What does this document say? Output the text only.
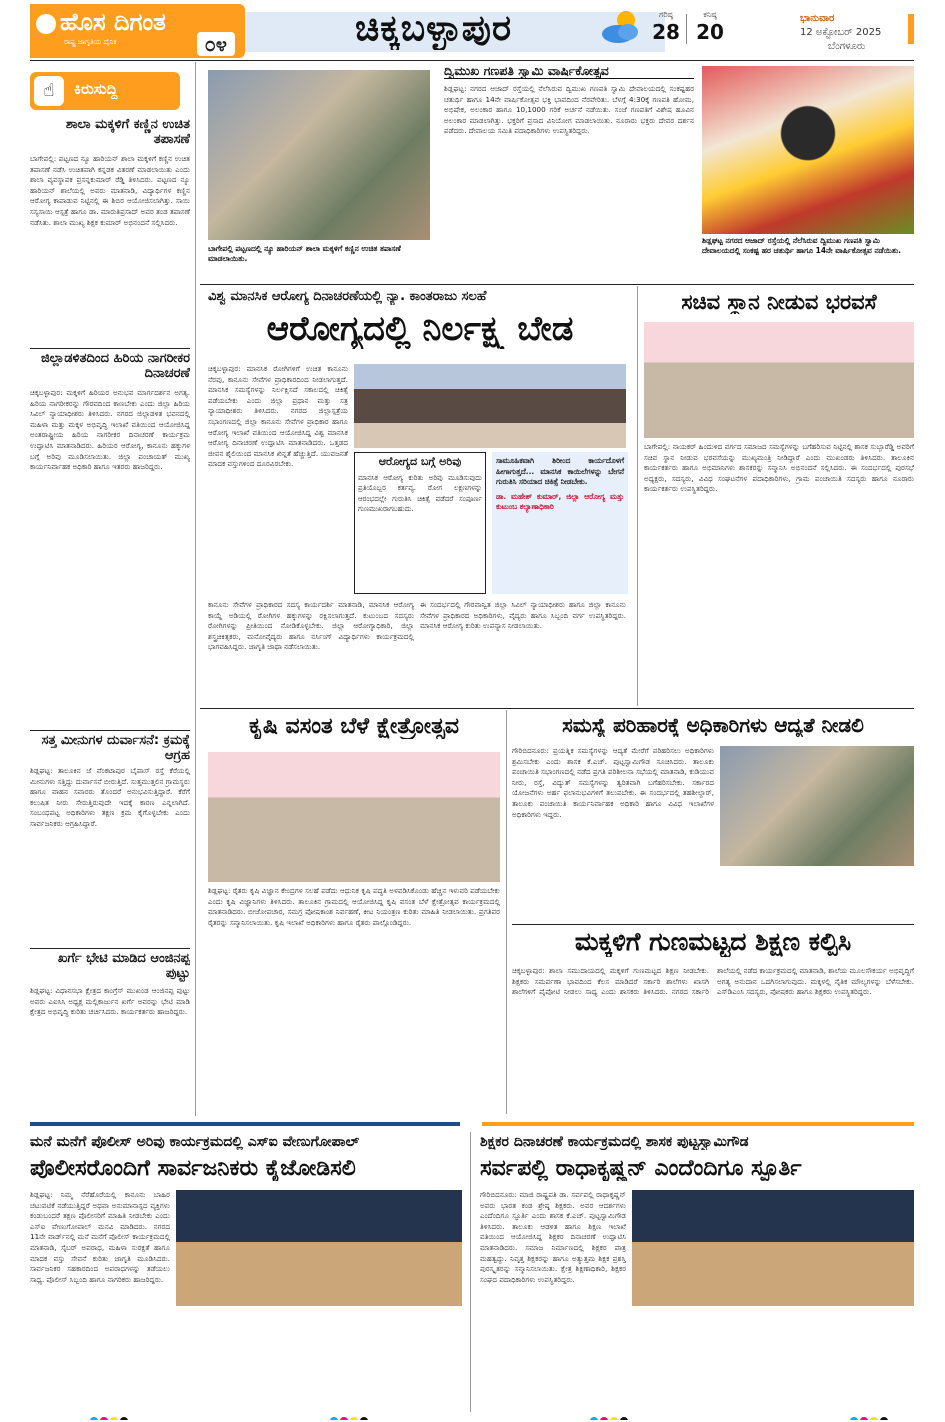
ಹೊಸ ದಿಗಂತ
ರಾಷ್ಟ್ರ ಜಾಗೃತಿಯ ದೈನಿಕ	೦೪	ಚಿಕ್ಕಬಳ್ಳಾಪುರ	ಗರಿಷ್ಠ
28
ಕನಿಷ್ಠ
20
ಭಾನುವಾರ
12 ಅಕ್ಟೋಬರ್ 2025
ಬೆಂಗಳೂರು
☝	ಕಿರುಸುದ್ದಿ
ಶಾಲಾ ಮಕ್ಕಳಿಗೆ ಕಣ್ಣಿನ ಉಚಿತ ತಪಾಸಣೆ
ಬಾಗೇಪಲ್ಲಿ: ಪಟ್ಟಣದ ನ್ಯೂ ಹಾರಿಯನ್ ಶಾಲಾ ಮಕ್ಕಳಿಗೆ ಕಣ್ಣಿನ ಉಚಿತ ತಪಾಸಣೆ ನಡೆಸಿ ಉಚಿತವಾಗಿ ಕನ್ನಡಕ ವಿತರಣೆ ಮಾಡಲಾಯಿತು ಎಂದು ಶಾಲಾ ವ್ಯವಸ್ಥಾಪಕ ಪ್ರಸನ್ನಕುಮಾರ್ ರೆಡ್ಡಿ ತಿಳಿಸಿದರು. ಪಟ್ಟಣದ ನ್ಯೂ ಹಾರಿಯನ್ ಶಾಲೆಯಲ್ಲಿ ಅವರು ಮಾತನಾಡಿ, ವಿದ್ಯಾರ್ಥಿಗಳ ಕಣ್ಣಿನ ಆರೋಗ್ಯ ಕಾಪಾಡುವ ನಿಟ್ಟಿನಲ್ಲಿ ಈ ಶಿಬಿರ ಆಯೋಜಿಸಲಾಗಿತ್ತು. ಸಾಯಿ ಸಸ್ಯಸಾಯಿ ಆಸ್ಪತ್ರೆ ಹಾಗೂ ಡಾ. ಮಾರುತಿಪ್ರಸಾದ್ ಅವರ ತಂಡ ತಪಾಸಣೆ ನಡೆಸಿತು. ಶಾಲಾ ಮುಖ್ಯ ಶಿಕ್ಷಕ ಕುಮಾರ್ ಅಭಿನಂದನೆ ಸಲ್ಲಿಸಿದರು.
ಜಿಲ್ಲಾಡಳಿತದಿಂದ ಹಿರಿಯ ನಾಗರೀಕರ ದಿನಾಚರಣೆ
ಚಿಕ್ಕಬಳ್ಳಾಪುರ: ಮಕ್ಕಳಿಗೆ ಹಿರಿಯರ ಅನುಭವ ಮಾರ್ಗದರ್ಶನ ಅಗತ್ಯ. ಹಿರಿಯ ನಾಗರೀಕರನ್ನು ಗೌರವದಿಂದ ಕಾಣಬೇಕು ಎಂದು ಜಿಲ್ಲಾ ಹಿರಿಯ ಸಿವಿಲ್ ನ್ಯಾಯಾಧೀಶರು ತಿಳಿಸಿದರು. ನಗರದ ಜಿಲ್ಲಾಡಳಿತ ಭವನದಲ್ಲಿ ಮಹಿಳಾ ಮತ್ತು ಮಕ್ಕಳ ಅಭಿವೃದ್ಧಿ ಇಲಾಖೆ ವತಿಯಿಂದ ಆಯೋಜಿಸಿದ್ದ ಅಂತರಾಷ್ಟ್ರೀಯ ಹಿರಿಯ ನಾಗರೀಕರ ದಿನಾಚರಣೆ ಕಾರ್ಯಕ್ರಮ ಉದ್ಘಾಟಿಸಿ ಮಾತನಾಡಿದರು. ಹಿರಿಯರ ಆರೋಗ್ಯ, ಕಾನೂನು ಹಕ್ಕುಗಳ ಬಗ್ಗೆ ಅರಿವು ಮೂಡಿಸಲಾಯಿತು. ಜಿಲ್ಲಾ ಪಂಚಾಯತ್ ಮುಖ್ಯ ಕಾರ್ಯನಿರ್ವಾಹಕ ಅಧಿಕಾರಿ ಹಾಗೂ ಇತರರು ಹಾಜರಿದ್ದರು.
ಸತ್ತ ಮೀನುಗಳ ದುರ್ವಾಸನೆ: ಕ್ರಮಕ್ಕೆ ಆಗ್ರಹ
ಶಿಡ್ಲಘಟ್ಟ: ತಾಲೂಕಿನ ಜೆ ವೆಂಕಟಾಪುರ ಬೈಪಾಸ್ ರಸ್ತೆ ಕೆರೆಯಲ್ಲಿ ಮೀನುಗಳು ಸತ್ತಿದ್ದು ದುರ್ವಾಸನೆ ಬೀರುತ್ತಿದೆ. ಸುತ್ತಮುತ್ತಲಿನ ಗ್ರಾಮಸ್ಥರು ಹಾಗೂ ವಾಹನ ಸವಾರರು ತೊಂದರೆ ಅನುಭವಿಸುತ್ತಿದ್ದಾರೆ. ಕೆರೆಗೆ ಕಲುಷಿತ ನೀರು ಸೇರುತ್ತಿರುವುದೇ ಇದಕ್ಕೆ ಕಾರಣ ಎನ್ನಲಾಗಿದೆ. ಸಂಬಂಧಪಟ್ಟ ಅಧಿಕಾರಿಗಳು ತಕ್ಷಣ ಕ್ರಮ ಕೈಗೊಳ್ಳಬೇಕು ಎಂದು ಸಾರ್ವಜನಿಕರು ಆಗ್ರಹಿಸಿದ್ದಾರೆ.
ಖರ್ಗೆ ಭೇಟಿ ಮಾಡಿದ ಆಂಜಿನಪ್ಪ ಪುಟ್ಟು
ಶಿಡ್ಲಘಟ್ಟ: ವಿಧಾನಸಭಾ ಕ್ಷೇತ್ರದ ಕಾಂಗ್ರೆಸ್ ಮುಖಂಡ ಆಂಜಿನಪ್ಪ ಪುಟ್ಟು ಅವರು ಎಐಸಿಸಿ ಅಧ್ಯಕ್ಷ ಮಲ್ಲಿಕಾರ್ಜುನ ಖರ್ಗೆ ಅವರನ್ನು ಭೇಟಿ ಮಾಡಿ ಕ್ಷೇತ್ರದ ಅಭಿವೃದ್ಧಿ ಕುರಿತು ಚರ್ಚಿಸಿದರು. ಕಾರ್ಯಕರ್ತರು ಹಾಜರಿದ್ದರು.
ಬಾಗೇಪಲ್ಲಿ ಪಟ್ಟಣದಲ್ಲಿ ನ್ಯೂ ಹಾರಿಯನ್ ಶಾಲಾ ಮಕ್ಕಳಿಗೆ ಕಣ್ಣಿನ ಉಚಿತ ತಪಾಸಣೆ ಮಾಡಲಾಯಿತು.
ದ್ವಿಮುಖ ಗಣಪತಿ ಸ್ವಾಮಿ ವಾರ್ಷಿಕೋತ್ಸವ
ಶಿಡ್ಲಘಟ್ಟ: ನಗರದ ಆಜಾದ್ ರಸ್ತೆಯಲ್ಲಿ ನೆಲೆಸಿರುವ ದ್ವಿಮುಖ ಗಣಪತಿ ಸ್ವಾಮಿ ದೇವಾಲಯದಲ್ಲಿ ಸಂಕಷ್ಟಹರ ಚತುರ್ಥಿ ಹಾಗೂ 14ನೇ ವಾರ್ಷಿಕೋತ್ಸವ ಭಕ್ತಿ ಭಾವದಿಂದ ನೆರವೇರಿತು. ಬೆಳಗ್ಗೆ 4:30ಕ್ಕೆ ಗಣಪತಿ ಹೋಮ, ಅಭಿಷೇಕ, ಅಲಂಕಾರ ಹಾಗೂ 10,1000 ಗರಿಕೆ ಅರ್ಚನೆ ನಡೆಯಿತು. ಸಂಜೆ ಗಣಪತಿಗೆ ವಿಶೇಷ ಹೂವಿನ ಅಲಂಕಾರ ಮಾಡಲಾಗಿತ್ತು. ಭಕ್ತರಿಗೆ ಪ್ರಸಾದ ವಿನಿಯೋಗ ಮಾಡಲಾಯಿತು. ನೂರಾರು ಭಕ್ತರು ದೇವರ ದರ್ಶನ ಪಡೆದರು. ದೇವಾಲಯ ಸಮಿತಿ ಪದಾಧಿಕಾರಿಗಳು ಉಪಸ್ಥಿತರಿದ್ದರು.
ಶಿಡ್ಲಘಟ್ಟ ನಗರದ ಆಜಾದ್ ರಸ್ತೆಯಲ್ಲಿ ನೆಲೆಸಿರುವ ದ್ವಿಮುಖ ಗಣಪತಿ ಸ್ವಾಮಿ ದೇವಾಲಯದಲ್ಲಿ ಸಂಕಷ್ಟ ಹರ ಚತುರ್ಥಿ ಹಾಗೂ 14ನೇ ವಾರ್ಷಿಕೋತ್ಸವ ನಡೆಯಿತು.
ವಿಶ್ವ ಮಾನಸಿಕ ಆರೋಗ್ಯ ದಿನಾಚರಣೆಯಲ್ಲಿ ನ್ಯಾ. ಕಾಂತರಾಜು ಸಲಹೆ
ಆರೋಗ್ಯದಲ್ಲಿ ನಿರ್ಲಕ್ಷ್ಯ ಬೇಡ
ಚಿಕ್ಕಬಳ್ಳಾಪುರ: ಮಾನಸಿಕ ರೋಗಿಗಳಿಗೆ ಉಚಿತ ಕಾನೂನು ನೆರವು, ಕಾನೂನು ಸೇವೆಗಳ ಪ್ರಾಧಿಕಾರದಿಂದ ನೀಡಲಾಗುತ್ತದೆ. ಮಾನಸಿಕ ಸಮಸ್ಯೆಗಳನ್ನು ನಿರ್ಲಕ್ಷಿಸದೆ ಸಕಾಲದಲ್ಲಿ ಚಿಕಿತ್ಸೆ ಪಡೆಯಬೇಕು ಎಂದು ಜಿಲ್ಲಾ ಪ್ರಧಾನ ಮತ್ತು ಸತ್ರ ನ್ಯಾಯಾಧೀಶರು ತಿಳಿಸಿದರು. ನಗರದ ಜಿಲ್ಲಾಸ್ಪತ್ರೆಯ ಸಭಾಂಗಣದಲ್ಲಿ ಜಿಲ್ಲಾ ಕಾನೂನು ಸೇವೆಗಳ ಪ್ರಾಧಿಕಾರ ಹಾಗೂ ಆರೋಗ್ಯ ಇಲಾಖೆ ವತಿಯಿಂದ ಆಯೋಜಿಸಿದ್ದ ವಿಶ್ವ ಮಾನಸಿಕ ಆರೋಗ್ಯ ದಿನಾಚರಣೆ ಉದ್ಘಾಟಿಸಿ ಮಾತನಾಡಿದರು. ಒತ್ತಡದ ಜೀವನ ಶೈಲಿಯಿಂದ ಮಾನಸಿಕ ಖಿನ್ನತೆ ಹೆಚ್ಚುತ್ತಿದೆ. ಯುವಜನತೆ ಮಾದಕ ವಸ್ತುಗಳಿಂದ ದೂರವಿರಬೇಕು.	ಆರೋಗ್ಯದ ಬಗ್ಗೆ ಅರಿವು
ಮಾನಸಿಕ ಆರೋಗ್ಯ ಕುರಿತು ಅರಿವು ಮೂಡಿಸುವುದು ಪ್ರತಿಯೊಬ್ಬರ ಕರ್ತವ್ಯ. ರೋಗ ಲಕ್ಷಣಗಳನ್ನು ಆರಂಭದಲ್ಲೇ ಗುರುತಿಸಿ ಚಿಕಿತ್ಸೆ ಪಡೆದರೆ ಸಂಪೂರ್ಣ ಗುಣಮುಖರಾಗಬಹುದು.
ಸಾಮೂಹಿಕವಾಗಿ ಶಿರೀಂದ ಕಾರ್ಯದೊಳಗೆ ಹೀಗಾಗುತ್ತದೆ... ಮಾನಸಿಕ ಕಾಯಿಲೆಗಳನ್ನು ಬೇಗನೆ ಗುರುತಿಸಿ ಸರಿಯಾದ ಚಿಕಿತ್ಸೆ ನೀಡಬೇಕು.
ಡಾ. ಮಹೇಶ್ ಕುಮಾರ್, ಜಿಲ್ಲಾ ಆರೋಗ್ಯ ಮತ್ತು ಕುಟುಂಬ ಕಲ್ಯಾಣಾಧಿಕಾರಿ
ಕಾನೂನು ಸೇವೆಗಳ ಪ್ರಾಧಿಕಾರದ ಸದಸ್ಯ ಕಾರ್ಯದರ್ಶಿ ಮಾತನಾಡಿ, ಮಾನಸಿಕ ಆರೋಗ್ಯ ಕಾಯ್ದೆ ಅಡಿಯಲ್ಲಿ ರೋಗಿಗಳ ಹಕ್ಕುಗಳನ್ನು ರಕ್ಷಿಸಲಾಗುತ್ತದೆ. ಕುಟುಂಬದ ಸದಸ್ಯರು ರೋಗಿಗಳನ್ನು ಪ್ರೀತಿಯಿಂದ ನೋಡಿಕೊಳ್ಳಬೇಕು. ಜಿಲ್ಲಾ ಆರೋಗ್ಯಾಧಿಕಾರಿ, ಜಿಲ್ಲಾ ಶಸ್ತ್ರಚಿಕಿತ್ಸಕರು, ಮನೋವೈದ್ಯರು ಹಾಗೂ ನರ್ಸಿಂಗ್ ವಿದ್ಯಾರ್ಥಿಗಳು ಕಾರ್ಯಕ್ರಮದಲ್ಲಿ ಭಾಗವಹಿಸಿದ್ದರು. ಜಾಗೃತಿ ಜಾಥಾ ನಡೆಸಲಾಯಿತು.
ಈ ಸಂದರ್ಭದಲ್ಲಿ ಗೌರವಾನ್ವಿತ ಜಿಲ್ಲಾ ಸಿವಿಲ್ ನ್ಯಾಯಾಧೀಶರು ಹಾಗೂ ಜಿಲ್ಲಾ ಕಾನೂನು ಸೇವೆಗಳ ಪ್ರಾಧಿಕಾರದ ಅಧಿಕಾರಿಗಳು, ವೈದ್ಯರು ಹಾಗೂ ಸಿಬ್ಬಂದಿ ವರ್ಗ ಉಪಸ್ಥಿತರಿದ್ದರು. ಮಾನಸಿಕ ಆರೋಗ್ಯ ಕುರಿತು ಉಪನ್ಯಾಸ ನೀಡಲಾಯಿತು.
ಸಚಿವ ಸ್ಥಾನ ನೀಡುವ ಭರವಸೆ
ಬಾಗೇಪಲ್ಲಿ: ನಾಯಕರ್ ಹಿಂದುಳಿದ ವರ್ಗದ ಸಮಾಜದ ಸಮಸ್ಯೆಗಳನ್ನು ಬಗೆಹರಿಸುವ ನಿಟ್ಟಿನಲ್ಲಿ ಶಾಸಕ ಸುಬ್ಬಾರೆಡ್ಡಿ ಅವರಿಗೆ ಸಚಿವ ಸ್ಥಾನ ನೀಡುವ ಭರವಸೆಯನ್ನು ಮುಖ್ಯಮಂತ್ರಿ ನೀಡಿದ್ದಾರೆ ಎಂದು ಮುಖಂಡರು ತಿಳಿಸಿದರು. ತಾಲೂಕಿನ ಕಾರ್ಯಕರ್ತರು ಹಾಗೂ ಅಭಿಮಾನಿಗಳು ಶಾಸಕರನ್ನು ಸನ್ಮಾನಿಸಿ ಅಭಿನಂದನೆ ಸಲ್ಲಿಸಿದರು. ಈ ಸಂದರ್ಭದಲ್ಲಿ ಪುರಸಭೆ ಅಧ್ಯಕ್ಷರು, ಸದಸ್ಯರು, ವಿವಿಧ ಸಂಘಟನೆಗಳ ಪದಾಧಿಕಾರಿಗಳು, ಗ್ರಾಮ ಪಂಚಾಯಿತಿ ಸದಸ್ಯರು ಹಾಗೂ ನೂರಾರು ಕಾರ್ಯಕರ್ತರು ಉಪಸ್ಥಿತರಿದ್ದರು.
ಕೃಷಿ ವಸಂತ ಬೆಳೆ ಕ್ಷೇತ್ರೋತ್ಸವ
ಶಿಡ್ಲಘಟ್ಟ: ರೈತರು ಕೃಷಿ ವಿಜ್ಞಾನ ಕೇಂದ್ರಗಳ ಸಲಹೆ ಪಡೆದು ಆಧುನಿಕ ಕೃಷಿ ಪದ್ಧತಿ ಅಳವಡಿಸಿಕೊಂಡು ಹೆಚ್ಚಿನ ಇಳುವರಿ ಪಡೆಯಬೇಕು ಎಂದು ಕೃಷಿ ವಿಜ್ಞಾನಿಗಳು ತಿಳಿಸಿದರು. ತಾಲೂಕಿನ ಗ್ರಾಮದಲ್ಲಿ ಆಯೋಜಿಸಿದ್ದ ಕೃಷಿ ವಸಂತ ಬೆಳೆ ಕ್ಷೇತ್ರೋತ್ಸವ ಕಾರ್ಯಕ್ರಮದಲ್ಲಿ ಮಾತನಾಡಿದರು. ಬೀಜೋಪಚಾರ, ಸಮಗ್ರ ಪೋಷಕಾಂಶ ನಿರ್ವಹಣೆ, ಕೀಟ ನಿಯಂತ್ರಣ ಕುರಿತು ಮಾಹಿತಿ ನೀಡಲಾಯಿತು. ಪ್ರಗತಿಪರ ರೈತರನ್ನು ಸನ್ಮಾನಿಸಲಾಯಿತು. ಕೃಷಿ ಇಲಾಖೆ ಅಧಿಕಾರಿಗಳು ಹಾಗೂ ರೈತರು ಪಾಲ್ಗೊಂಡಿದ್ದರು.
ಸಮಸ್ಯೆ ಪರಿಹಾರಕ್ಕೆ ಅಧಿಕಾರಿಗಳು ಆದ್ಯತೆ ನೀಡಲಿ
ಗೌರಿಬಿದನೂರು: ಪ್ರಯತ್ನಿಕ ಸಮಸ್ಯೆಗಳನ್ನು ಆದ್ಯತೆ ಮೇರೆಗೆ ಪರಿಹರಿಸಲು ಅಧಿಕಾರಿಗಳು ಶ್ರಮಿಸಬೇಕು ಎಂದು ಶಾಸಕ ಕೆ.ಎಚ್. ಪುಟ್ಟಸ್ವಾಮಿಗೌಡ ಸೂಚಿಸಿದರು. ತಾಲೂಕು ಪಂಚಾಯಿತಿ ಸಭಾಂಗಣದಲ್ಲಿ ನಡೆದ ಪ್ರಗತಿ ಪರಿಶೀಲನಾ ಸಭೆಯಲ್ಲಿ ಮಾತನಾಡಿ, ಕುಡಿಯುವ ನೀರು, ರಸ್ತೆ, ವಿದ್ಯುತ್ ಸಮಸ್ಯೆಗಳನ್ನು ತ್ವರಿತವಾಗಿ ಬಗೆಹರಿಸಬೇಕು. ಸರ್ಕಾರದ ಯೋಜನೆಗಳು ಅರ್ಹ ಫಲಾನುಭವಿಗಳಿಗೆ ತಲುಪಬೇಕು. ಈ ಸಂದರ್ಭದಲ್ಲಿ ತಹಶೀಲ್ದಾರ್, ತಾಲೂಕು ಪಂಚಾಯಿತಿ ಕಾರ್ಯನಿರ್ವಾಹಕ ಅಧಿಕಾರಿ ಹಾಗೂ ವಿವಿಧ ಇಲಾಖೆಗಳ ಅಧಿಕಾರಿಗಳು ಇದ್ದರು.
ಮಕ್ಕಳಿಗೆ ಗುಣಮಟ್ಟದ ಶಿಕ್ಷಣ ಕಲ್ಪಿಸಿ
ಚಿಕ್ಕಬಳ್ಳಾಪುರ: ಶಾಲಾ ಸಮುದಾಯದಲ್ಲಿ ಮಕ್ಕಳಿಗೆ ಗುಣಮಟ್ಟದ ಶಿಕ್ಷಣ ನೀಡಬೇಕು. ಶಿಕ್ಷಕರು ಸಮರ್ಪಣಾ ಭಾವದಿಂದ ಕೆಲಸ ಮಾಡಿದರೆ ಸರ್ಕಾರಿ ಶಾಲೆಗಳು ಖಾಸಗಿ ಶಾಲೆಗಳಿಗೆ ಪೈಪೋಟಿ ನೀಡಲು ಸಾಧ್ಯ ಎಂದು ಶಾಸಕರು ತಿಳಿಸಿದರು. ನಗರದ ಸರ್ಕಾರಿ ಶಾಲೆಯಲ್ಲಿ ನಡೆದ ಕಾರ್ಯಕ್ರಮದಲ್ಲಿ ಮಾತನಾಡಿ, ಶಾಲೆಯ ಮೂಲಸೌಕರ್ಯ ಅಭಿವೃದ್ಧಿಗೆ ಅಗತ್ಯ ಅನುದಾನ ಒದಗಿಸಲಾಗುವುದು. ಮಕ್ಕಳಲ್ಲಿ ನೈತಿಕ ಮೌಲ್ಯಗಳನ್ನು ಬೆಳೆಸಬೇಕು. ಎಸ್‌ಡಿಎಂಸಿ ಸದಸ್ಯರು, ಪೋಷಕರು ಹಾಗೂ ಶಿಕ್ಷಕರು ಉಪಸ್ಥಿತರಿದ್ದರು.
ಮನೆ ಮನೆಗೆ ಪೊಲೀಸ್ ಅರಿವು ಕಾರ್ಯಕ್ರಮದಲ್ಲಿ ಎಸ್‌ಐ ವೇಣುಗೋಪಾಲ್
ಪೊಲೀಸರೊಂದಿಗೆ ಸಾರ್ವಜನಿಕರು ಕೈಜೋಡಿಸಲಿ
ಶಿಡ್ಲಘಟ್ಟ: ನಿಮ್ಮ ನೆರೆಹೊರೆಯಲ್ಲಿ ಕಾನೂನು ಬಾಹಿರ ಚಟುವಟಿಕೆ ನಡೆಯುತ್ತಿದ್ದರೆ ಅಥವಾ ಅನುಮಾನಾಸ್ಪದ ವ್ಯಕ್ತಿಗಳು ಕಂಡುಬಂದರೆ ತಕ್ಷಣ ಪೊಲೀಸರಿಗೆ ಮಾಹಿತಿ ನೀಡಬೇಕು ಎಂದು ಎಸ್‌ಐ ವೇಣುಗೋಪಾಲ್ ಮನವಿ ಮಾಡಿದರು. ನಗರದ 11ನೇ ವಾರ್ಡ್‌ನಲ್ಲಿ ಮನೆ ಮನೆಗೆ ಪೊಲೀಸ್ ಕಾರ್ಯಕ್ರಮದಲ್ಲಿ ಮಾತನಾಡಿ, ಸೈಬರ್ ಅಪರಾಧ, ಮಹಿಳಾ ಸುರಕ್ಷತೆ ಹಾಗೂ ಮಾದಕ ವಸ್ತು ಸೇವನೆ ಕುರಿತು ಜಾಗೃತಿ ಮೂಡಿಸಿದರು. ಸಾರ್ವಜನಿಕರ ಸಹಕಾರದಿಂದ ಅಪರಾಧಗಳನ್ನು ತಡೆಯಲು ಸಾಧ್ಯ. ಪೊಲೀಸ್ ಸಿಬ್ಬಂದಿ ಹಾಗೂ ನಾಗರಿಕರು ಹಾಜರಿದ್ದರು.
ಶಿಕ್ಷಕರ ದಿನಾಚರಣೆ ಕಾರ್ಯಕ್ರಮದಲ್ಲಿ ಶಾಸಕ ಪುಟ್ಟಸ್ವಾಮಿಗೌಡ
ಸರ್ವಪಲ್ಲಿ ರಾಧಾಕೃಷ್ಣನ್ ಎಂದೆಂದಿಗೂ ಸ್ಫೂರ್ತಿ
ಗೌರಿಬಿದನೂರು: ಮಾಜಿ ರಾಷ್ಟ್ರಪತಿ ಡಾ. ಸರ್ವಪಲ್ಲಿ ರಾಧಾಕೃಷ್ಣನ್ ಅವರು ಭಾರತ ಕಂಡ ಶ್ರೇಷ್ಠ ಶಿಕ್ಷಕರು. ಅವರ ಆದರ್ಶಗಳು ಎಂದೆಂದಿಗೂ ಸ್ಫೂರ್ತಿ ಎಂದು ಶಾಸಕ ಕೆ.ಎಚ್. ಪುಟ್ಟಸ್ವಾಮಿಗೌಡ ತಿಳಿಸಿದರು. ತಾಲೂಕು ಆಡಳಿತ ಹಾಗೂ ಶಿಕ್ಷಣ ಇಲಾಖೆ ವತಿಯಿಂದ ಆಯೋಜಿಸಿದ್ದ ಶಿಕ್ಷಕರ ದಿನಾಚರಣೆ ಉದ್ಘಾಟಿಸಿ ಮಾತನಾಡಿದರು. ಸಮಾಜ ನಿರ್ಮಾಣದಲ್ಲಿ ಶಿಕ್ಷಕರ ಪಾತ್ರ ಮಹತ್ವದ್ದು. ನಿವೃತ್ತ ಶಿಕ್ಷಕರನ್ನು ಹಾಗೂ ಅತ್ಯುತ್ತಮ ಶಿಕ್ಷಕ ಪ್ರಶಸ್ತಿ ಪುರಸ್ಕೃತರನ್ನು ಸನ್ಮಾನಿಸಲಾಯಿತು. ಕ್ಷೇತ್ರ ಶಿಕ್ಷಣಾಧಿಕಾರಿ, ಶಿಕ್ಷಕರ ಸಂಘದ ಪದಾಧಿಕಾರಿಗಳು ಉಪಸ್ಥಿತರಿದ್ದರು.
